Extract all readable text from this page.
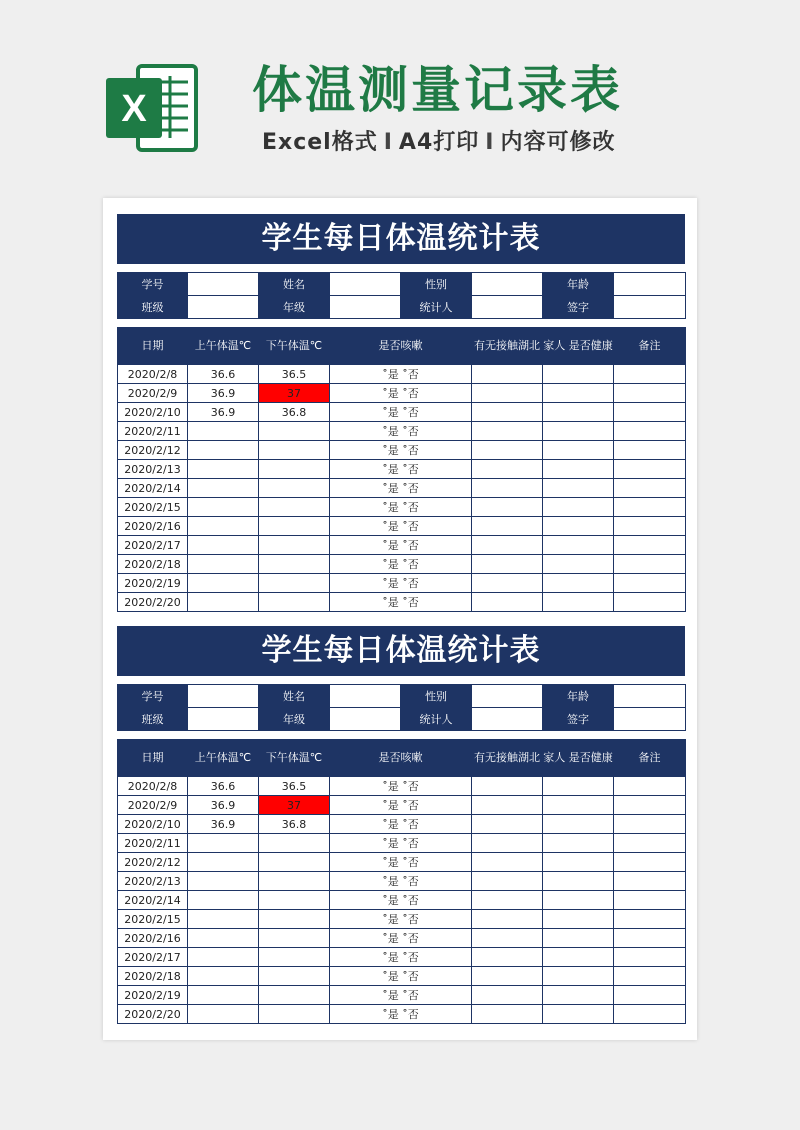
X 体温测量记录表
Excel格式 I A4打印 I 内容可修改
学生每日体温统计表
学号		姓名		性别		年龄	
班级		年级		统计人		签字	
日期	上午体温℃	下午体温℃	是否咳嗽	有无接触湖北	家人 是否健康	备注
2020/2/8	36.6	36.5	˚是 ˚否			
2020/2/9	36.9	37	˚是 ˚否			
2020/2/10	36.9	36.8	˚是 ˚否			
2020/2/11			˚是 ˚否			
2020/2/12			˚是 ˚否			
2020/2/13			˚是 ˚否			
2020/2/14			˚是 ˚否			
2020/2/15			˚是 ˚否			
2020/2/16			˚是 ˚否			
2020/2/17			˚是 ˚否			
2020/2/18			˚是 ˚否			
2020/2/19			˚是 ˚否			
2020/2/20			˚是 ˚否			
学生每日体温统计表
学号		姓名		性别		年龄	
班级		年级		统计人		签字	
日期	上午体温℃	下午体温℃	是否咳嗽	有无接触湖北	家人 是否健康	备注
2020/2/8	36.6	36.5	˚是 ˚否			
2020/2/9	36.9	37	˚是 ˚否			
2020/2/10	36.9	36.8	˚是 ˚否			
2020/2/11			˚是 ˚否			
2020/2/12			˚是 ˚否			
2020/2/13			˚是 ˚否			
2020/2/14			˚是 ˚否			
2020/2/15			˚是 ˚否			
2020/2/16			˚是 ˚否			
2020/2/17			˚是 ˚否			
2020/2/18			˚是 ˚否			
2020/2/19			˚是 ˚否			
2020/2/20			˚是 ˚否			
